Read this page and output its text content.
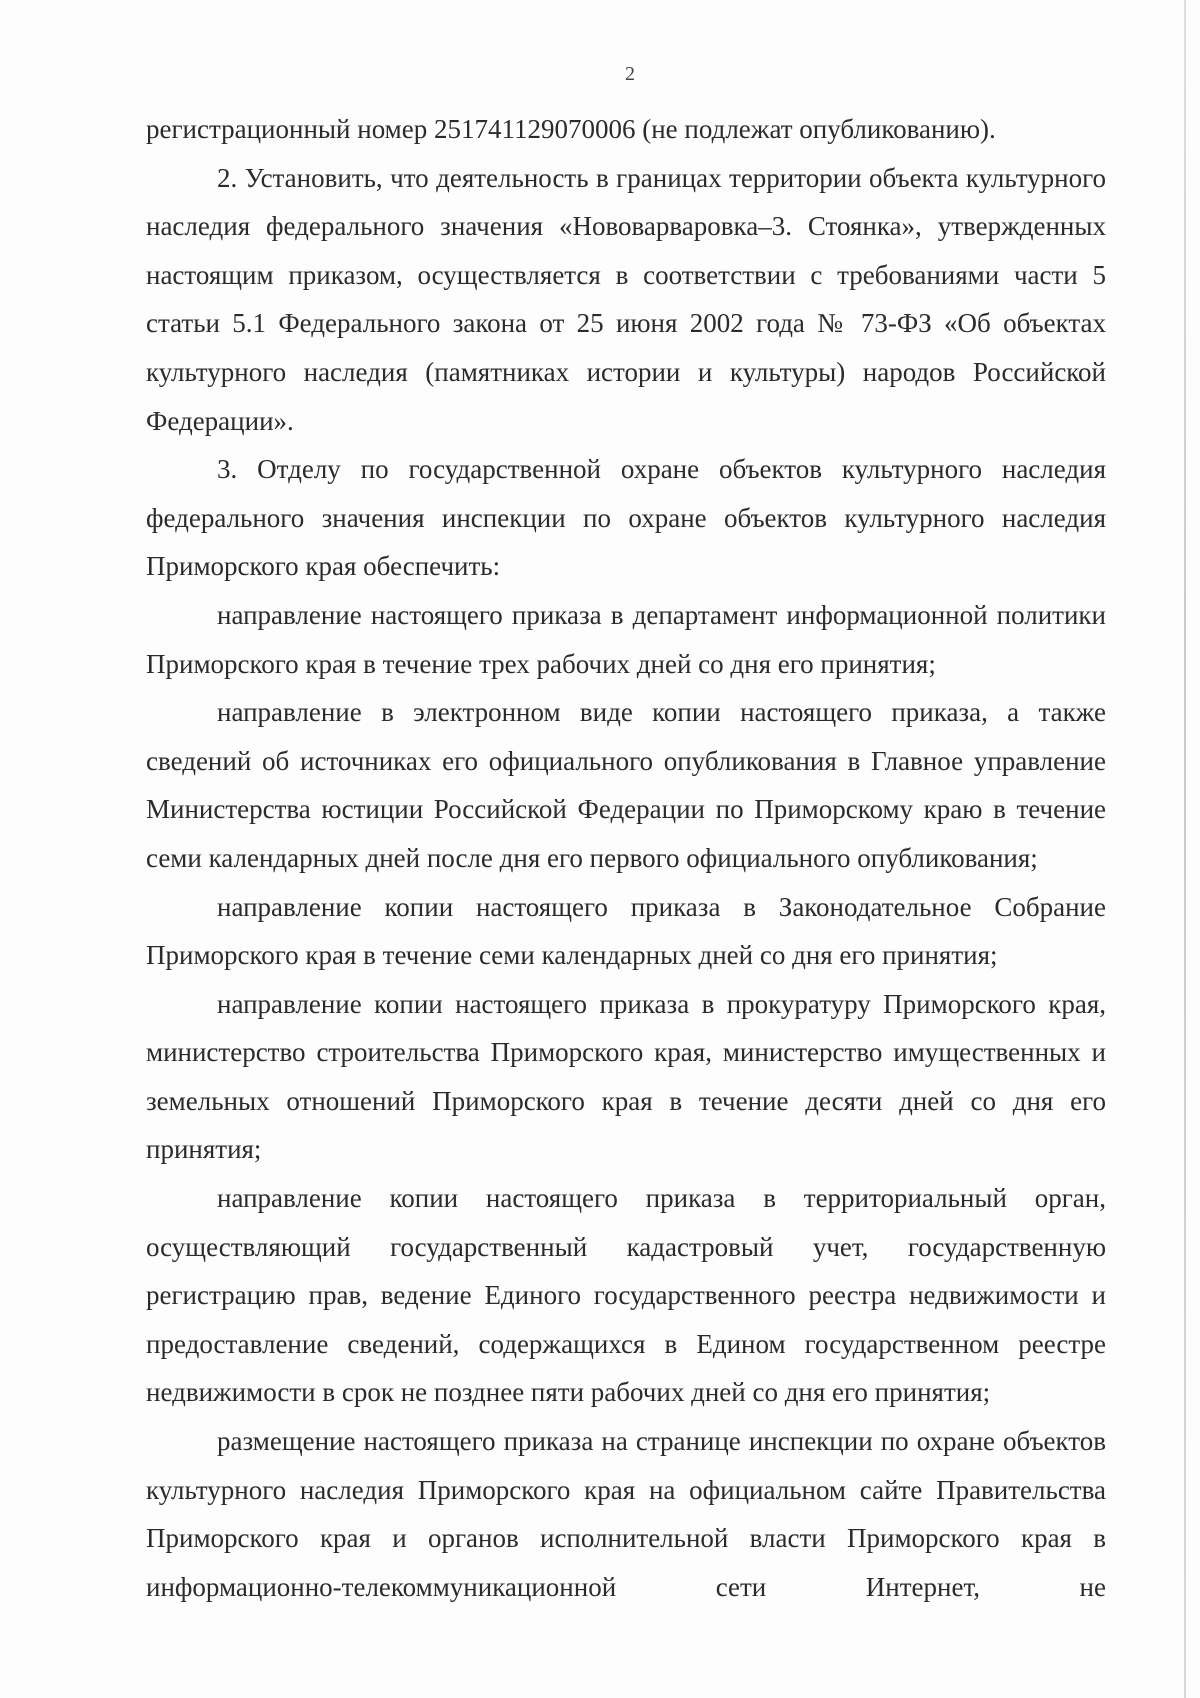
2

регистрационный номер 251741129070006 (не подлежат опубликованию).

2. Установить, что деятельность в границах территории объекта культурного наследия федерального значения «Нововарваровка–3. Стоянка», утвержденных настоящим приказом, осуществляется в соответствии с требованиями части 5 статьи 5.1 Федерального закона от 25 июня 2002 года № 73-ФЗ «Об объектах культурного наследия (памятниках истории и культуры) народов Российской Федерации».

3. Отделу по государственной охране объектов культурного наследия федерального значения инспекции по охране объектов культурного наследия Приморского края обеспечить:

направление настоящего приказа в департамент информационной политики Приморского края в течение трех рабочих дней со дня его принятия;

направление в электронном виде копии настоящего приказа, а также сведений об источниках его официального опубликования в Главное управление Министерства юстиции Российской Федерации по Приморскому краю в течение семи календарных дней после дня его первого официального опубликования;

направление копии настоящего приказа в Законодательное Собрание Приморского края в течение семи календарных дней со дня его принятия;

направление копии настоящего приказа в прокуратуру Приморского края, министерство строительства Приморского края, министерство имущественных и земельных отношений Приморского края в течение десяти дней со дня его принятия;

направление копии настоящего приказа в территориальный орган, осуществляющий государственный кадастровый учет, государственную регистрацию прав, ведение Единого государственного реестра недвижимости и предоставление сведений, содержащихся в Едином государственном реестре недвижимости в срок не позднее пяти рабочих дней со дня его принятия;

размещение настоящего приказа на странице инспекции по охране объектов культурного наследия Приморского края на официальном сайте Правительства Приморского края и органов исполнительной власти Приморского края в информационно-телекоммуникационной сети Интернет, не
